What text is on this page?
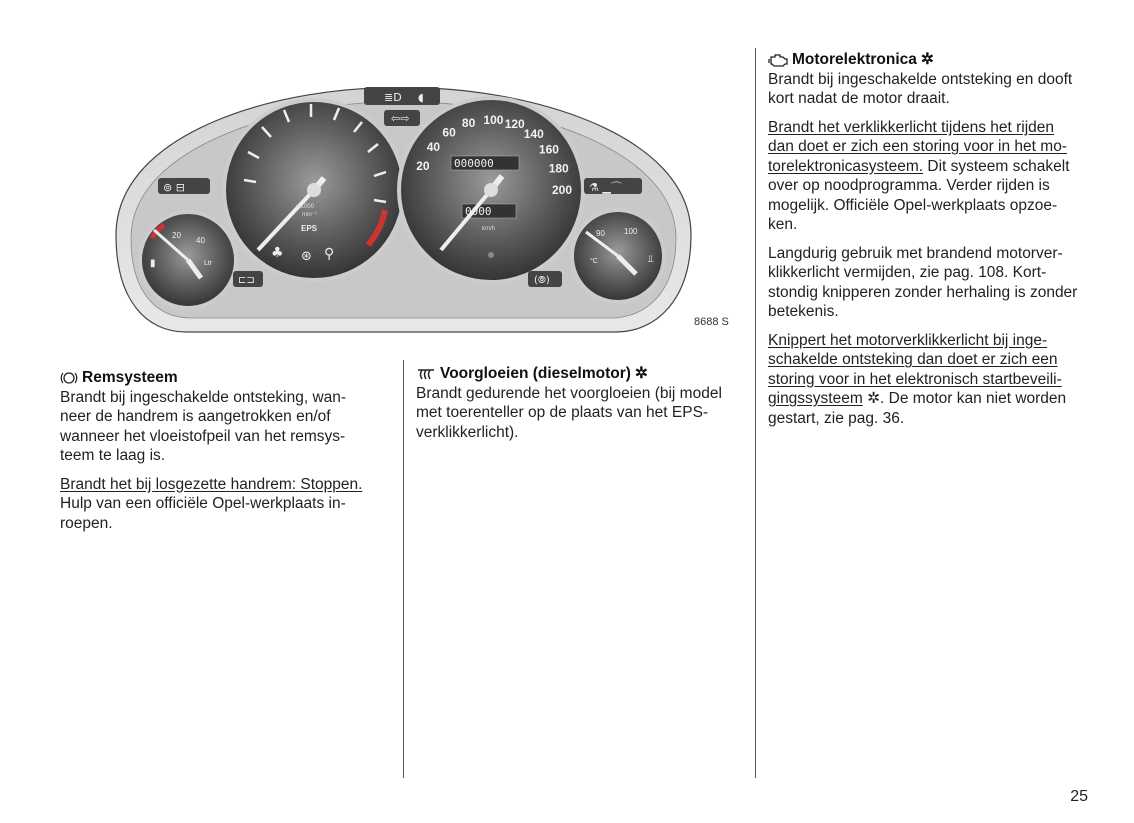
≣D ◖
⇦⇨
x 1000
min⁻¹
EPS
♣ ⊛ ⚲
20
40
60
80 100 120
140
160
180
200
000000
0000
km/h
20
40
Ltr
▮
90 100
°C	⫫
⊚ ⊟	⚗ ▁⌒
⊏⊐	(⦾)
8688 S

Remsysteem

Brandt bij ingeschakelde ontsteking, wan-
neer de handrem is aangetrokken en/of
wanneer het vloeistofpeil van het remsys-
teem te laag is.

Brandt het bij losgezette handrem: Stoppen.
Hulp van een officiële Opel-werkplaats in-
roepen.

Voorgloeien (dieselmotor) ✲

Brandt gedurende het voorgloeien (bij model
met toerenteller op de plaats van het EPS-
verklikkerlicht).

Motorelektronica ✲

Brandt bij ingeschakelde ontsteking en dooft
kort nadat de motor draait.

Brandt het verklikkerlicht tijdens het rijden
dan doet er zich een storing voor in het mo-
torelektronicasysteem. Dit systeem schakelt
over op noodprogramma. Verder rijden is
mogelijk. Officiële Opel-werkplaats opzoe-
ken.

Langdurig gebruik met brandend motorver-
klikkerlicht vermijden, zie pag. 108. Kort-
stondig knipperen zonder herhaling is zonder
betekenis.

Knippert het motorverklikkerlicht bij inge-
schakelde ontsteking dan doet er zich een
storing voor in het elektronisch startbeveili-
gingssysteem ✲. De motor kan niet worden
gestart, zie pag. 36.

25
